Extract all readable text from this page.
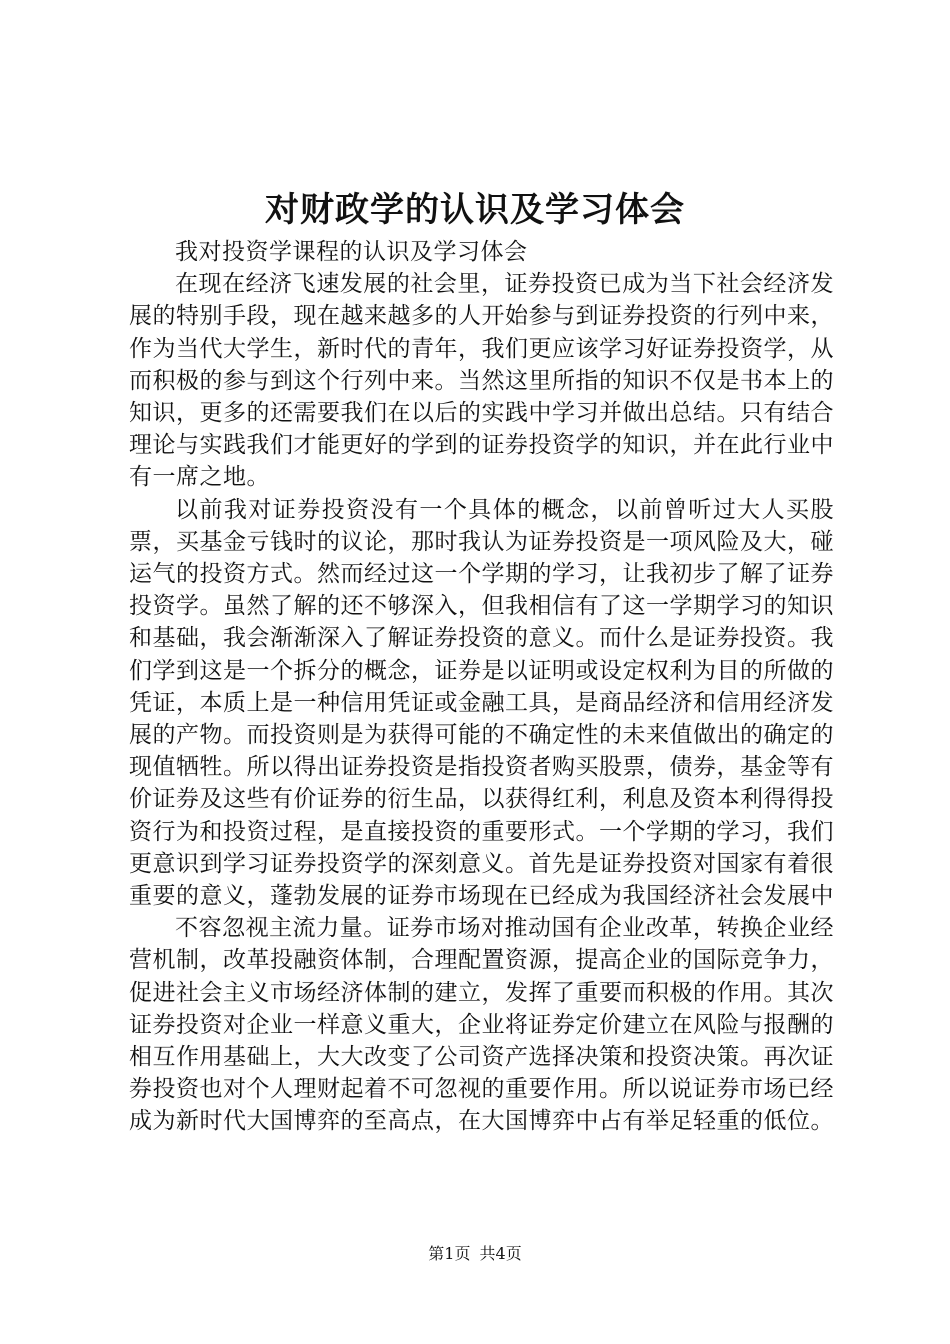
对财政学的认识及学习体会

我对投资学课程的认识及学习体会

在现在经济飞速发展的社会里，证券投资已成为当下社会经济发展的特别手段，现在越来越多的人开始参与到证券投资的行列中来，作为当代大学生，新时代的青年，我们更应该学习好证券投资学，从而积极的参与到这个行列中来。当然这里所指的知识不仅是书本上的知识，更多的还需要我们在以后的实践中学习并做出总结。只有结合理论与实践我们才能更好的学到的证券投资学的知识，并在此行业中有一席之地。

以前我对证券投资没有一个具体的概念，以前曾听过大人买股票，买基金亏钱时的议论，那时我认为证券投资是一项风险及大，碰运气的投资方式。然而经过这一个学期的学习，让我初步了解了证券投资学。虽然了解的还不够深入，但我相信有了这一学期学习的知识和基础，我会渐渐深入了解证券投资的意义。而什么是证券投资。我们学到这是一个拆分的概念，证券是以证明或设定权利为目的所做的凭证，本质上是一种信用凭证或金融工具，是商品经济和信用经济发展的产物。而投资则是为获得可能的不确定性的未来值做出的确定的现值牺牲。所以得出证券投资是指投资者购买股票，债券，基金等有价证券及这些有价证券的衍生品，以获得红利，利息及资本利得得投资行为和投资过程，是直接投资的重要形式。一个学期的学习，我们更意识到学习证券投资学的深刻意义。首先是证券投资对国家有着很重要的意义，蓬勃发展的证券市场现在已经成为我国经济社会发展中

不容忽视主流力量。证券市场对推动国有企业改革，转换企业经营机制，改革投融资体制，合理配置资源，提高企业的国际竞争力，促进社会主义市场经济体制的建立，发挥了重要而积极的作用。其次证券投资对企业一样意义重大，企业将证券定价建立在风险与报酬的相互作用基础上，大大改变了公司资产选择决策和投资决策。再次证券投资也对个人理财起着不可忽视的重要作用。所以说证券市场已经成为新时代大国博弈的至高点，在大国博弈中占有举足轻重的低位。

第1页 共4页
